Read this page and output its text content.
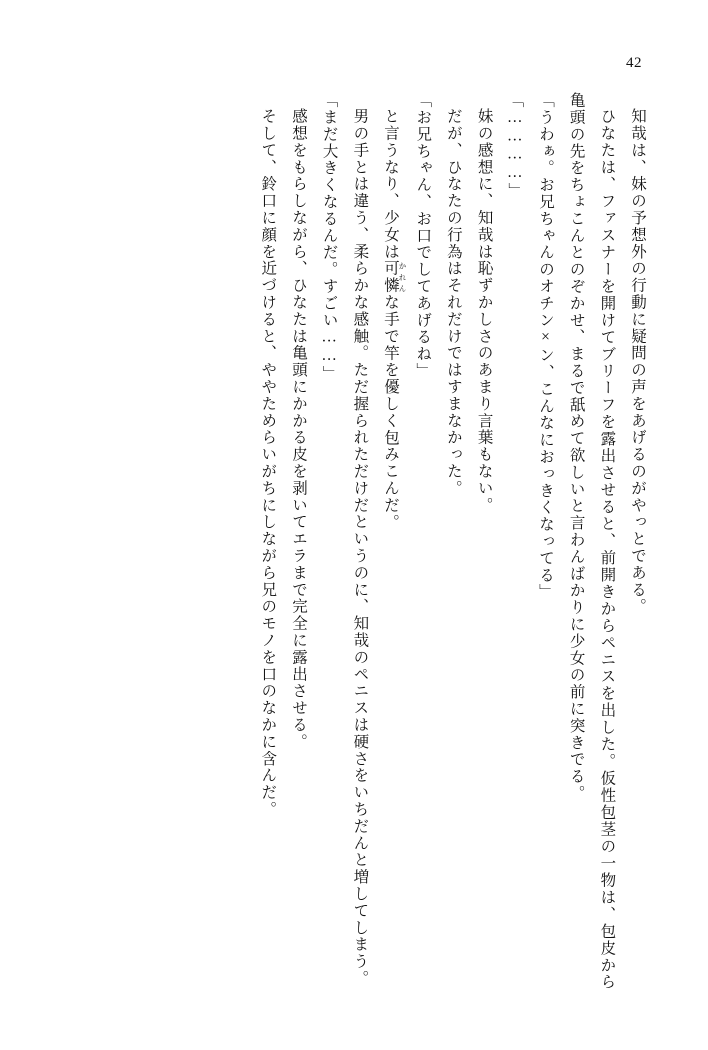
42

知哉は、妹の予想外の行動に疑問の声をあげるのがやっとである。

ひなたは、ファスナーを開けてブリーフを露出させると、前開きからペニスを出した。仮性包茎の一物は、包皮から亀頭の先をちょこんとのぞかせ、まるで舐めて欲しいと言わんばかりに少女の前に突きでる。

「うわぁ。お兄ちゃんのオチン×ン、こんなにおっきくなってる」

「…………」

妹の感想に、知哉は恥ずかしさのあまり言葉もない。

だが、ひなたの行為はそれだけではすまなかった。

「お兄ちゃん、お口でしてあげるね」

と言うなり、少女は可憐 かれんな手で竿を優しく包みこんだ。

男の手とは違う、柔らかな感触。ただ握られただけだというのに、知哉のペニスは硬さをいちだんと増してしまう。

「まだ大きくなるんだ。すごい……」

感想をもらしながら、ひなたは亀頭にかかる皮を剥いてエラまで完全に露出させる。

そして、鈴口に顔を近づけると、ややためらいがちにしながら兄のモノを口のなかに含んだ。
